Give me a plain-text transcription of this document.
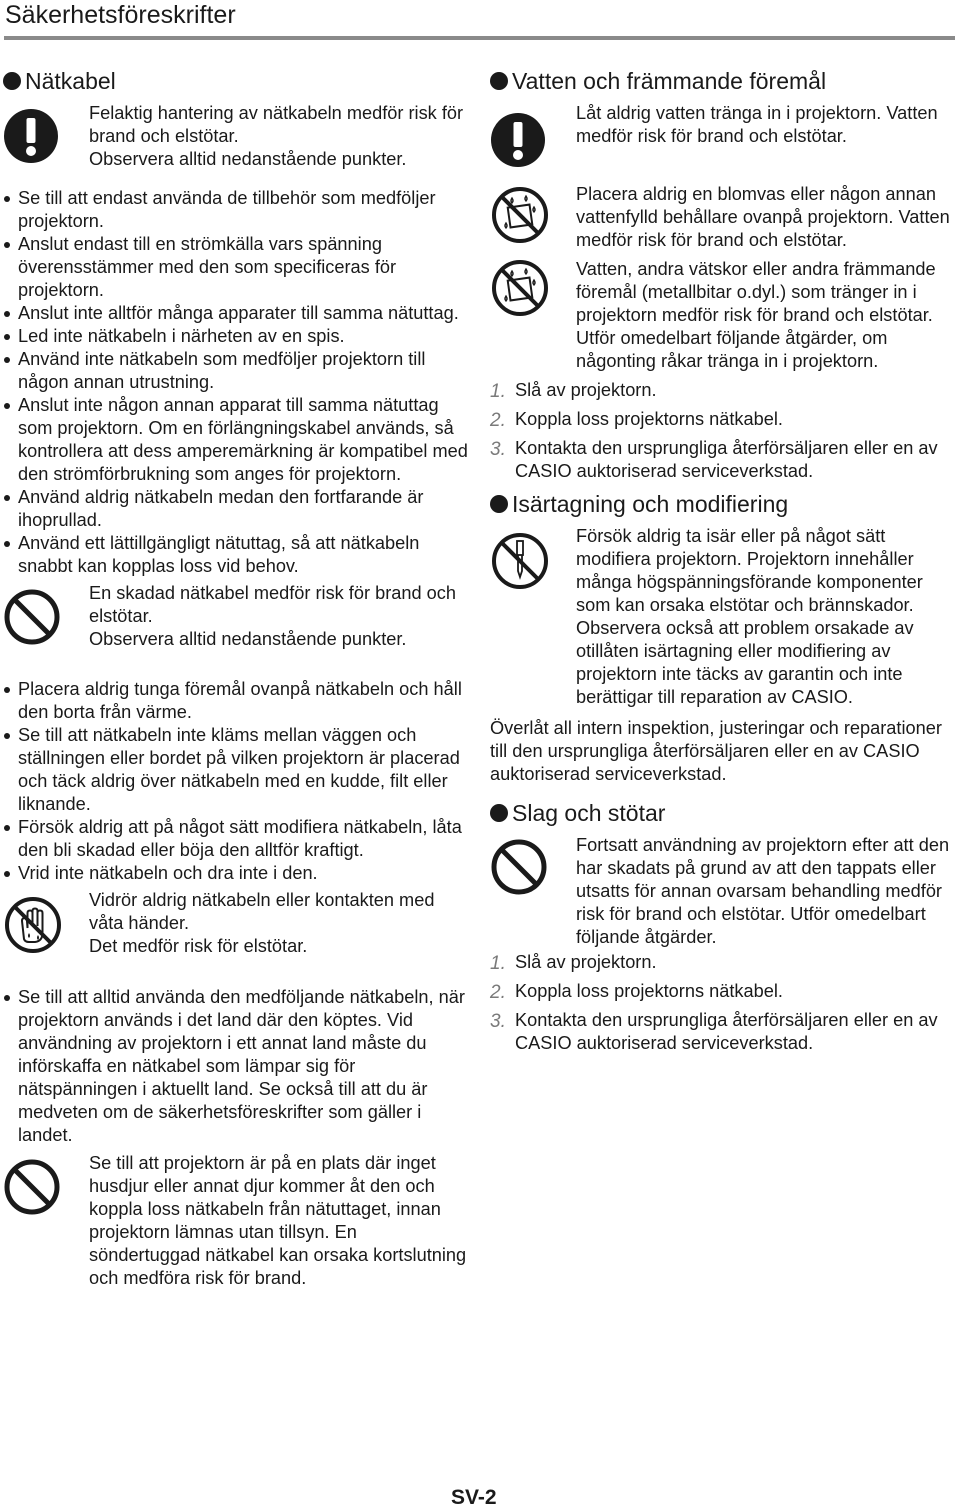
Säkerhetsföreskrifter
Nätkabel

Felaktig hantering av nätkabeln medför risk för brand och elstötar.

Observera alltid nedanstående punkter.

Se till att endast använda de tillbehör som medföljer projektorn.
Anslut endast till en strömkälla vars spänning överensstämmer med den som specificeras för projektorn.
Anslut inte alltför många apparater till samma nätuttag.
Led inte nätkabeln i närheten av en spis.
Använd inte nätkabeln som medföljer projektorn till någon annan utrustning.
Anslut inte någon annan apparat till samma nätuttag som projektorn. Om en förlängningskabel används, så kontrollera att dess amperemärkning är kompatibel med den strömförbrukning som anges för projektorn.
Använd aldrig nätkabeln medan den fortfarande är ihoprullad.
Använd ett lättillgängligt nätuttag, så att nätkabeln snabbt kan kopplas loss vid behov.

En skadad nätkabel medför risk för brand och elstötar.

Observera alltid nedanstående punkter.

Placera aldrig tunga föremål ovanpå nätkabeln och håll den borta från värme.
Se till att nätkabeln inte kläms mellan väggen och ställningen eller bordet på vilken projektorn är placerad och täck aldrig över nätkabeln med en kudde, filt eller liknande.
Försök aldrig att på något sätt modifiera nätkabeln, låta den bli skadad eller böja den alltför kraftigt.
Vrid inte nätkabeln och dra inte i den.

Vidrör aldrig nätkabeln eller kontakten med våta händer.

Det medför risk för elstötar.

Se till att alltid använda den medföljande nätkabeln, när projektorn används i det land där den köptes. Vid användning av projektorn i ett annat land måste du införskaffa en nätkabel som lämpar sig för nätspänningen i aktuellt land. Se också till att du är medveten om de säkerhetsföreskrifter som gäller i landet.

Se till att projektorn är på en plats där inget husdjur eller annat djur kommer åt den och koppla loss nätkabeln från nätuttaget, innan projektorn lämnas utan tillsyn. En söndertuggad nätkabel kan orsaka kortslutning och medföra risk för brand.

Vatten och främmande föremål

Låt aldrig vatten tränga in i projektorn. Vatten medför risk för brand och elstötar.

Placera aldrig en blomvas eller någon annan vattenfylld behållare ovanpå projektorn. Vatten medför risk för brand och elstötar.

Vatten, andra vätskor eller andra främmande föremål (metallbitar o.dyl.) som tränger in i projektorn medför risk för brand och elstötar. Utför omedelbart följande åtgärder, om någonting råkar tränga in i projektorn.

1. Slå av projektorn.
2. Koppla loss projektorns nätkabel.
3. Kontakta den ursprungliga återförsäljaren eller en av CASIO auktoriserad serviceverkstad.
Isärtagning och modifiering

Försök aldrig ta isär eller på något sätt modifiera projektorn. Projektorn innehåller många högspänningsförande komponenter som kan orsaka elstötar och brännskador. Observera också att problem orsakade av otillåten isärtagning eller modifiering av projektorn inte täcks av garantin och inte berättigar till reparation av CASIO.

Överlåt all intern inspektion, justeringar och reparationer till den ursprungliga återförsäljaren eller en av CASIO auktoriserad serviceverkstad.

Slag och stötar

Fortsatt användning av projektorn efter att den har skadats på grund av att den tappats eller utsatts för annan ovarsam behandling medför risk för brand och elstötar. Utför omedelbart följande åtgärder.

1. Slå av projektorn.
2. Koppla loss projektorns nätkabel.
3. Kontakta den ursprungliga återförsäljaren eller en av CASIO auktoriserad serviceverkstad.
SV-2
